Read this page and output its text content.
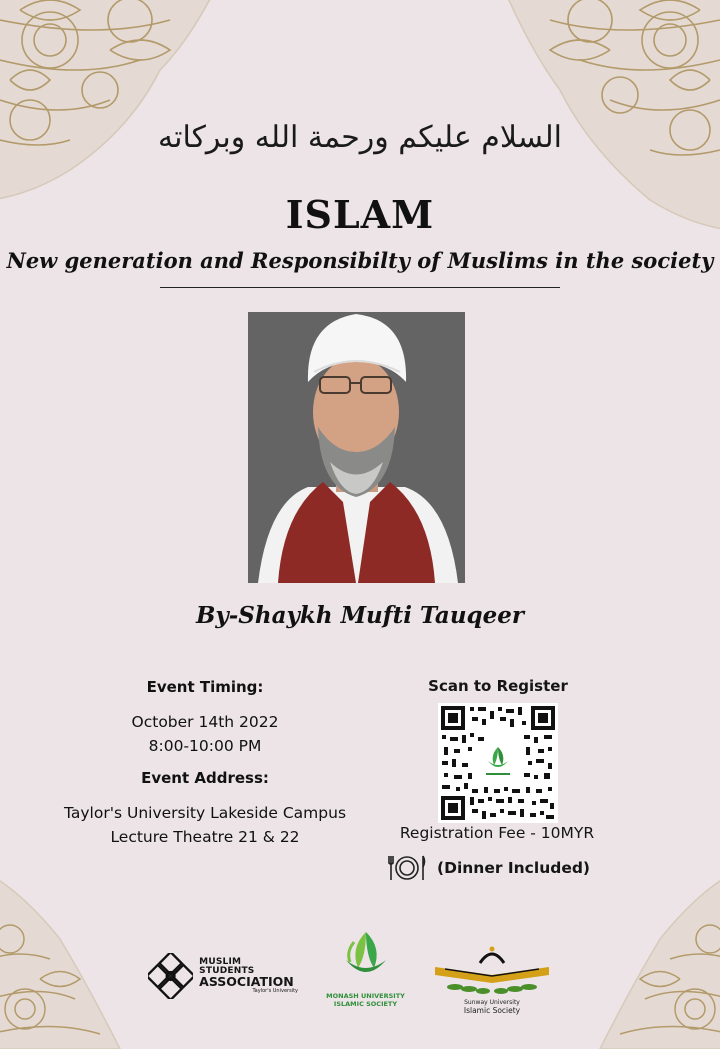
السلام عليكم ورحمة الله وبركاته
ISLAM
New generation and Responsibilty of Muslims in the society
By-Shaykh Mufti Tauqeer
Event Timing:
October 14th 2022
8:00-10:00 PM
Event Address:
Taylor's University Lakeside Campus
Lecture Theatre 21 & 22
Scan to Register
Registration Fee - 10MYR
(Dinner Included)
MUSLIM STUDENTS
ASSOCIATION
Taylor's University
MONASH UNIVERSITY
ISLAMIC SOCIETY	Sunway University
Islamic Society
